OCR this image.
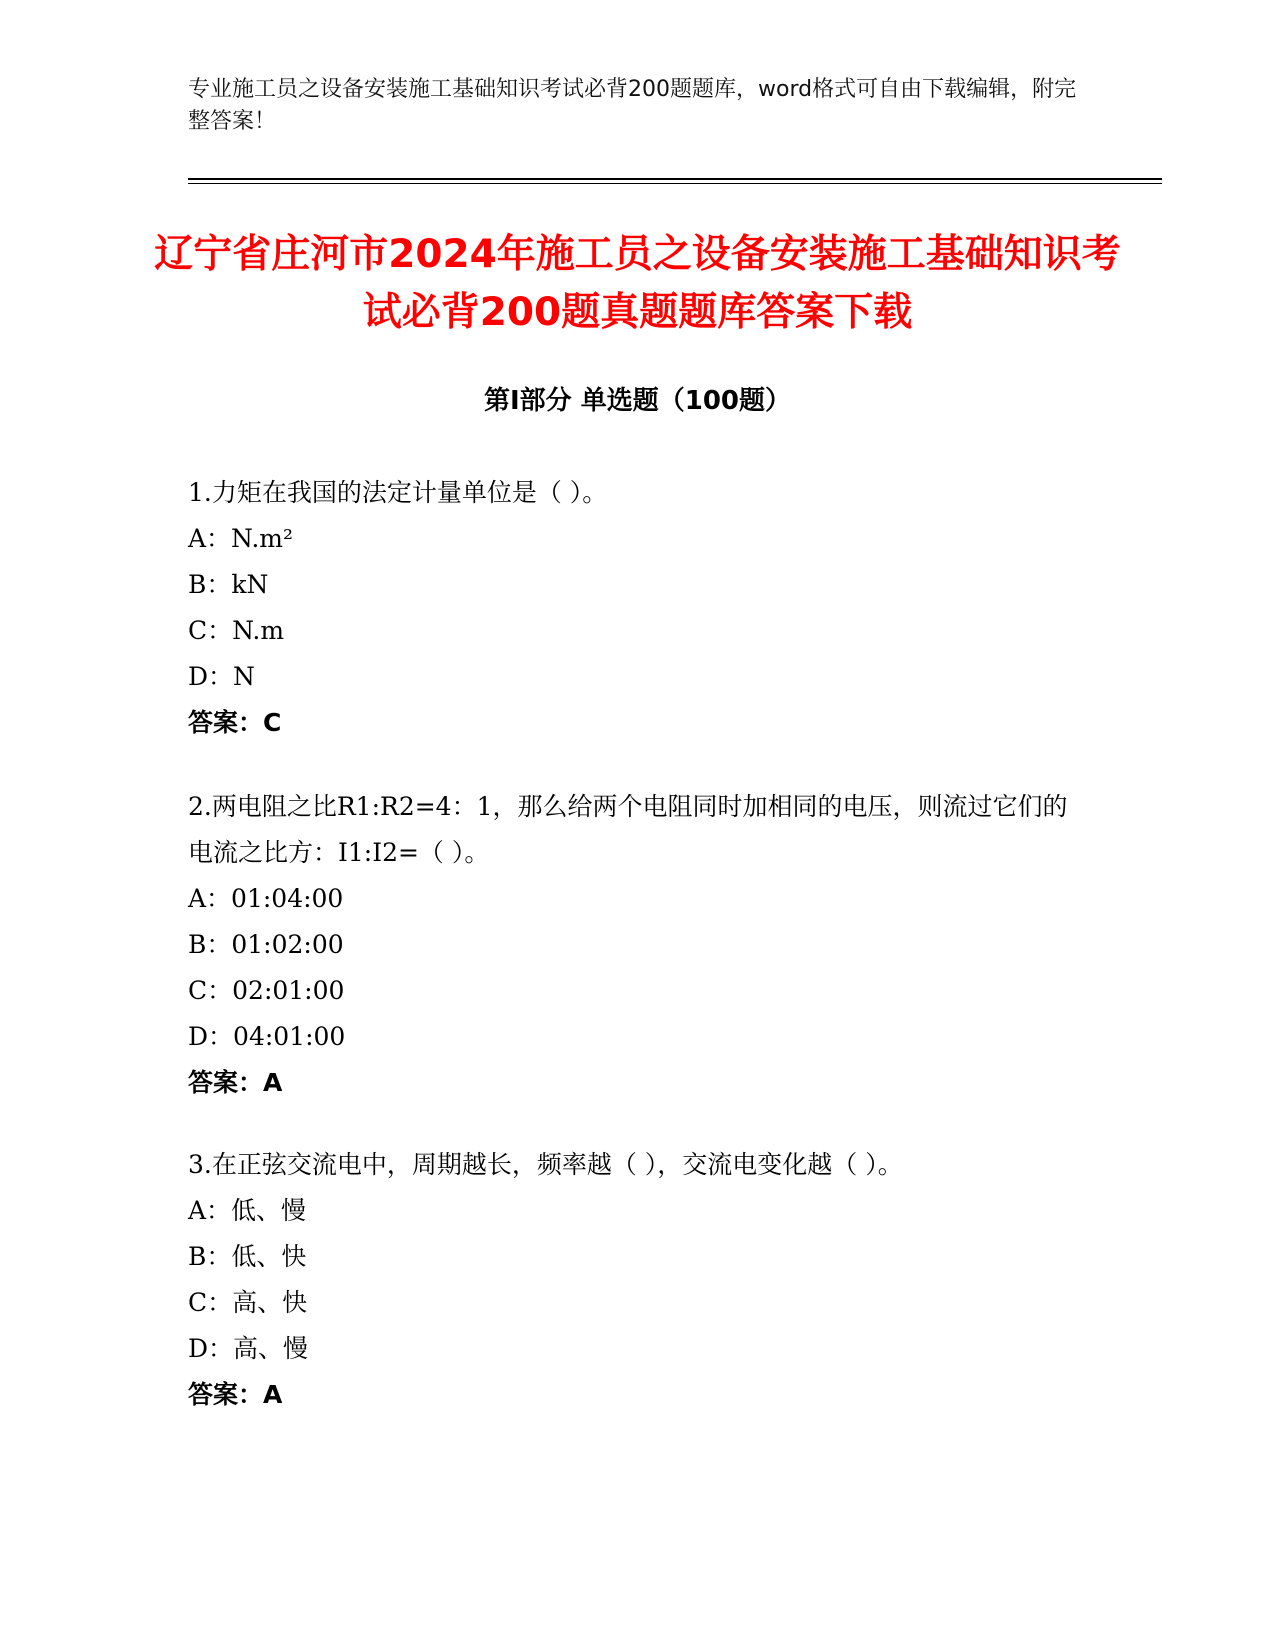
专业施工员之设备安装施工基础知识考试必背200题题库，word格式可自由下载编辑，附完整答案！
辽宁省庄河市2024年施工员之设备安装施工基础知识考试必背200题真题题库答案下载
第Ⅰ部分 单选题（100题）
1.力矩在我国的法定计量单位是（ ）。
A：N.m²
B：kN
C：N.m
D：N
答案：C
2.两电阻之比R1:R2=4：1，那么给两个电阻同时加相同的电压，则流过它们的电流之比方：I1:I2=（ ）。
A：01:04:00
B：01:02:00
C：02:01:00
D：04:01:00
答案：A
3.在正弦交流电中，周期越长，频率越（ ），交流电变化越（ ）。
A：低、慢
B：低、快
C：高、快
D：高、慢
答案：A
